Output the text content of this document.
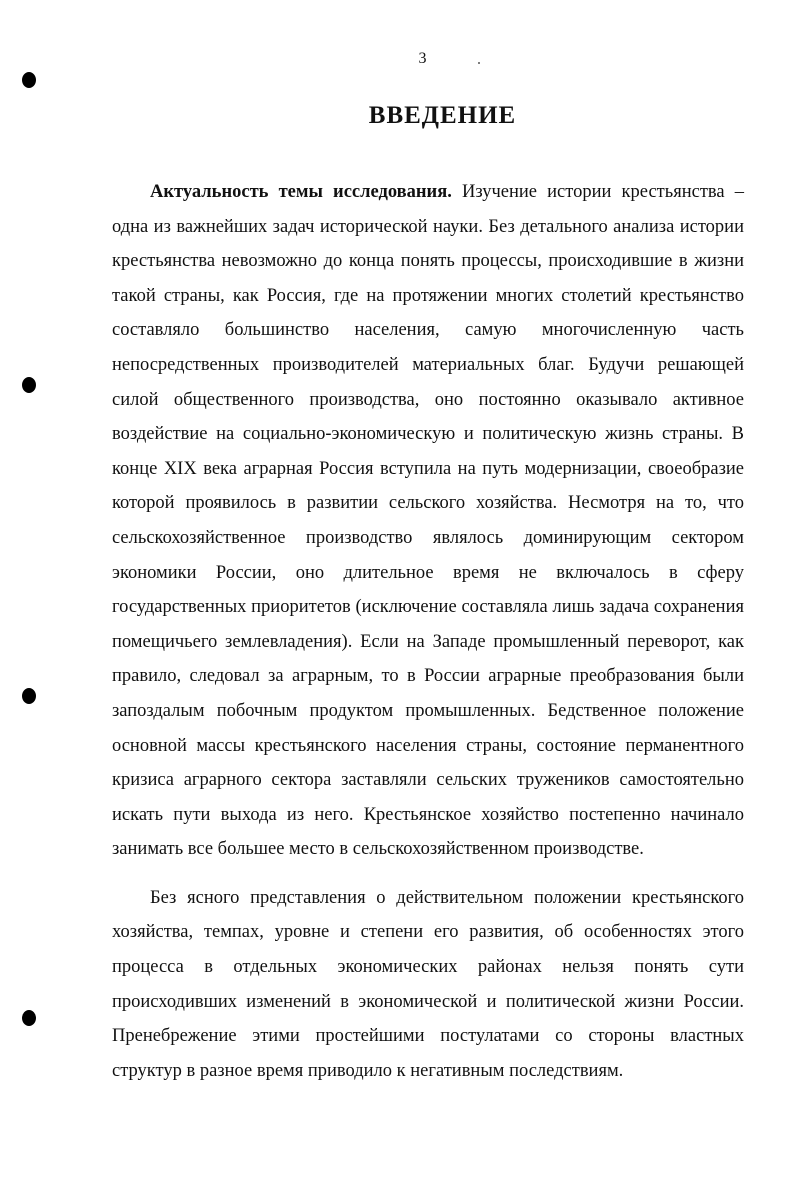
3
ВВЕДЕНИЕ

Актуальность темы исследования. Изучение истории крестьянства – одна из важнейших задач исторической науки. Без детального анализа истории крестьянства невозможно до конца понять процессы, происходившие в жизни такой страны, как Россия, где на протяжении многих столетий крестьянство составляло большинство населения, самую многочисленную часть непосредственных производителей материальных благ. Будучи решающей силой общественного производства, оно постоянно оказывало активное воздействие на социально-экономическую и политическую жизнь страны. В конце XIX века аграрная Россия вступила на путь модернизации, своеобразие которой проявилось в развитии сельского хозяйства. Несмотря на то, что сельскохозяйственное производство являлось доминирующим сектором экономики России, оно длительное время не включалось в сферу государственных приоритетов (исключение составляла лишь задача сохранения помещичьего землевладения). Если на Западе промышленный переворот, как правило, следовал за аграрным, то в России аграрные преобразования были запоздалым побочным продуктом промышленных. Бедственное положение основной массы крестьянского населения страны, состояние перманентного кризиса аграрного сектора заставляли сельских тружеников самостоятельно искать пути выхода из него. Крестьянское хозяйство постепенно начинало занимать все большее место в сельскохозяйственном производстве.

Без ясного представления о действительном положении крестьянского хозяйства, темпах, уровне и степени его развития, об особенностях этого процесса в отдельных экономических районах нельзя понять сути происходивших изменений в экономической и политической жизни России. Пренебрежение этими простейшими постулатами со стороны властных структур в разное время приводило к негативным последствиям.
